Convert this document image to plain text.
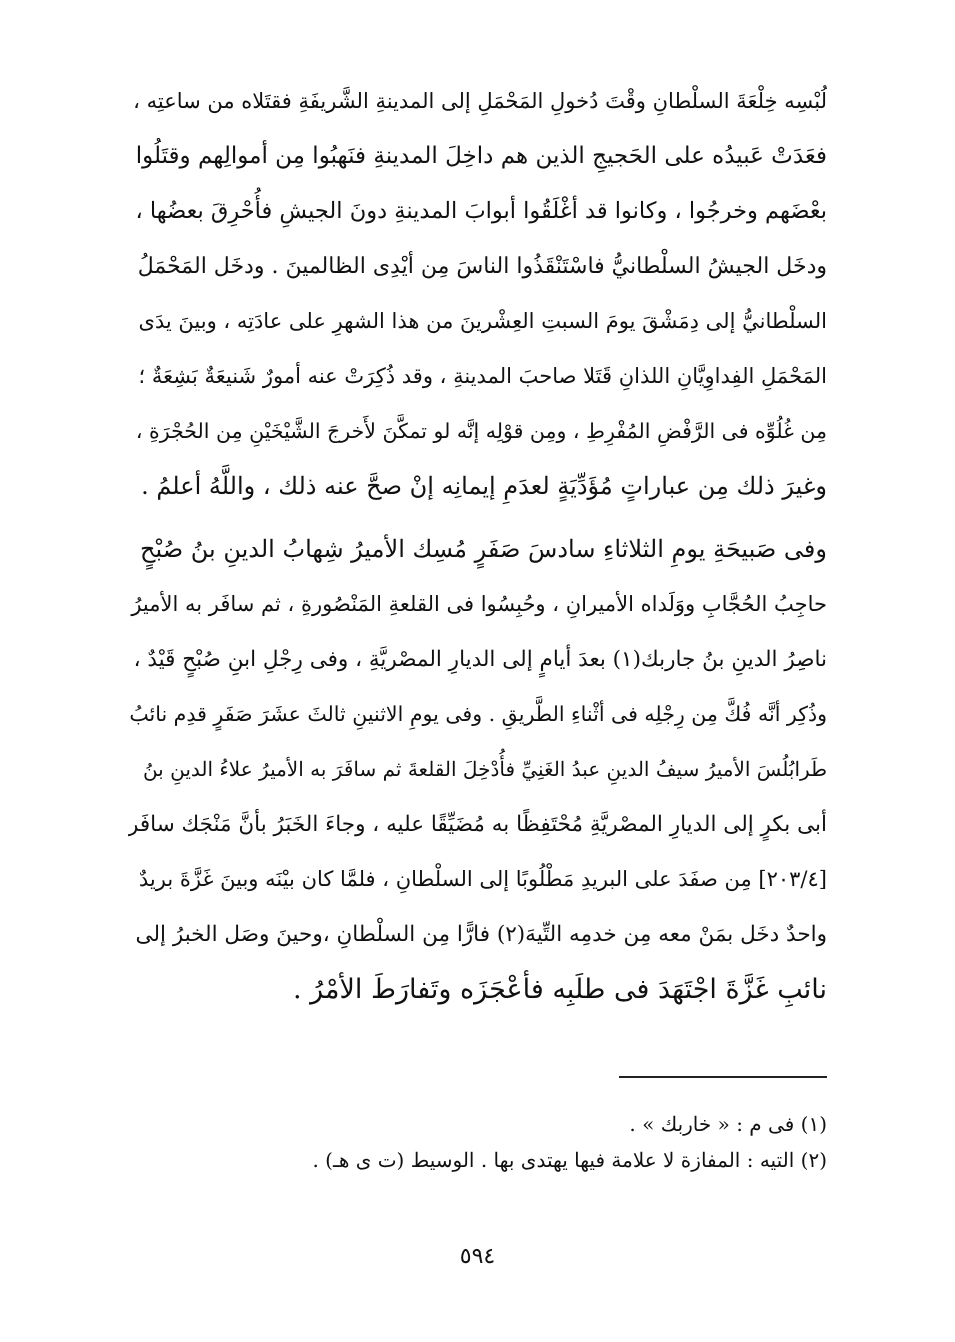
لُبْسِه خِلْعَةَ السلْطانِ وقْتَ دُخولِ المَحْمَلِ إلى المدينةِ الشَّريفَةِ فقتَلاه من ساعتِه ،
فعَدَتْ عَبيدُه على الحَجيجِ الذين هم داخِلَ المدينةِ فنَهبُوا مِن أموالِهم وقتَلُوا
بعْضَهم وخرجُوا ، وكانوا قد أغْلَقُوا أبوابَ المدينةِ دونَ الجيشِ فأُحْرِقَ بعضُها ،
ودخَل الجيشُ السلْطانيُّ فاسْتَنْقَذُوا الناسَ مِن أيْدِى الظالمينَ . ودخَل المَحْمَلُ
السلْطانيُّ إلى دِمَشْقَ يومَ السبتِ العِشْرينَ من هذا الشهرِ على عادَتِه ، وبينَ يدَى
المَحْمَلِ الفِداوِيَّانِ اللذانِ قَتَلا صاحبَ المدينةِ ، وقد ذُكِرَتْ عنه أمورٌ شَنيعَةٌ بَشِعَةٌ ؛
مِن غُلُوِّه فى الرَّفْضِ المُفْرِطِ ، ومِن قوْلِه إنَّه لو تمكَّنَ لأَخرجَ الشَّيْخَيْنِ مِن الحُجْرَةِ ،
وغيرَ ذلك مِن عباراتٍ مُؤَدِّيَةٍ لعدَمِ إيمانِه إنْ صحَّ عنه ذلك ، واللَّهُ أعلمُ .
وفى صَبيحَةِ يومِ الثلاثاءِ سادسَ صَفَرٍ مُسِك الأميرُ شِهابُ الدينِ بنُ صُبْحٍ
حاجِبُ الحُجَّابِ ووَلَداه الأميرانِ ، وحُبِسُوا فى القلعةِ المَنْصُورةِ ، ثم سافَر به الأميرُ
ناصِرُ الدينِ بنُ جاربك(١) بعدَ أيامٍ إلى الديارِ المصْريَّةِ ، وفى رِجْلِ ابنِ صُبْحٍ قَيْدٌ ،
وذُكِر أنَّه فُكَّ مِن رِجْلِه فى أثْناءِ الطَّريقِ . وفى يومِ الاثنينِ ثالثَ عشَرَ صَفَرٍ قدِم نائبُ
طَرابُلُسَ الأميرُ سيفُ الدينِ عبدُ الغَنِيِّ فأُدْخِلَ القلعةَ ثم سافَرَ به الأميرُ علاءُ الدينِ بنُ
أبى بكرٍ إلى الديارِ المصْريَّةِ مُحْتَفِظًا به مُضَيِّقًا عليه ، وجاءَ الخَبَرُ بأنَّ مَنْجَك سافَر
[٢٠٣/٤] مِن صفَدَ على البريدِ مَطْلُوبًا إلى السلْطانِ ، فلمَّا كان بيْنَه وبينَ غَزَّةَ بريدٌ
واحدٌ دخَل بمَنْ معه مِن خدمِه التِّيهَ(٢) فارًّا مِن السلْطانِ ،وحينَ وصَل الخبرُ إلى
نائبِ غَزَّةَ اجْتَهَدَ فى طلَبِه فأعْجَزَه وتَفارَطَ الأمْرُ .
(١) فى م : « خاربك » .
(٢) التيه : المفازة لا علامة فيها يهتدى بها . الوسيط (ت ى هـ) .
٥٩٤
